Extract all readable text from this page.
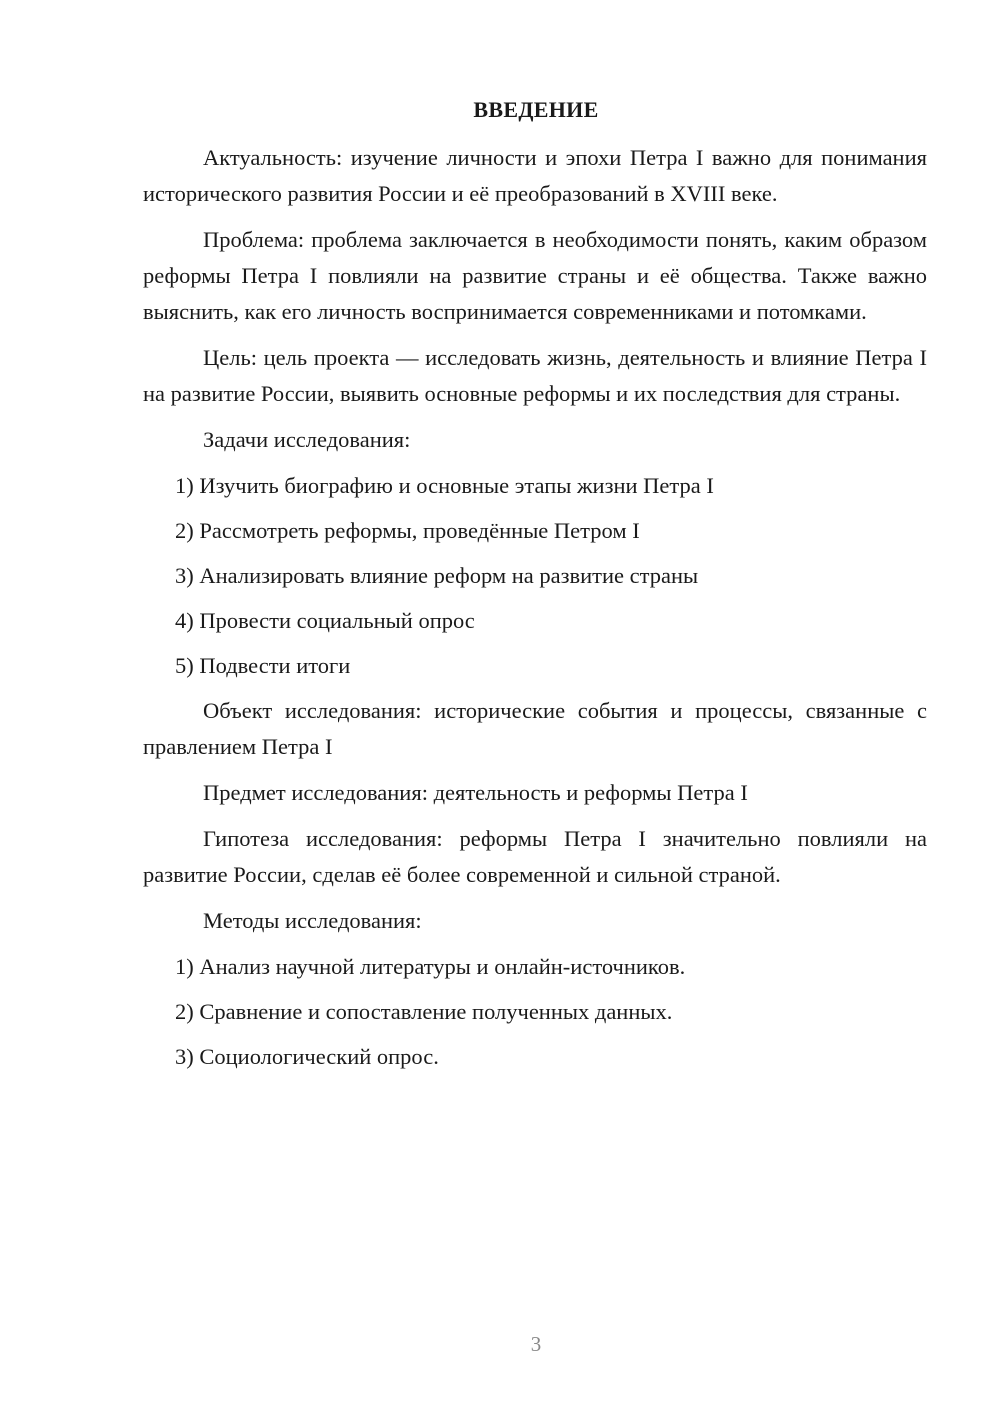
ВВЕДЕНИЕ

Актуальность: изучение личности и эпохи Петра I важно для понимания исторического развития России и её преобразований в XVIII веке.

Проблема: проблема заключается в необходимости понять, каким образом реформы Петра I повлияли на развитие страны и её общества. Также важно выяснить, как его личность воспринимается современниками и потомками.

Цель: цель проекта — исследовать жизнь, деятельность и влияние Петра I на развитие России, выявить основные реформы и их последствия для страны.

Задачи исследования:

1) Изучить биографию и основные этапы жизни Петра I

2) Рассмотреть реформы, проведённые Петром I

3) Анализировать влияние реформ на развитие страны

4) Провести социальный опрос

5) Подвести итоги

Объект исследования: исторические события и процессы, связанные с правлением Петра I

Предмет исследования: деятельность и реформы Петра I

Гипотеза исследования: реформы Петра I значительно повлияли на развитие России, сделав её более современной и сильной страной.

Методы исследования:

1) Анализ научной литературы и онлайн-источников.

2) Сравнение и сопоставление полученных данных.

3) Социологический опрос.

3
